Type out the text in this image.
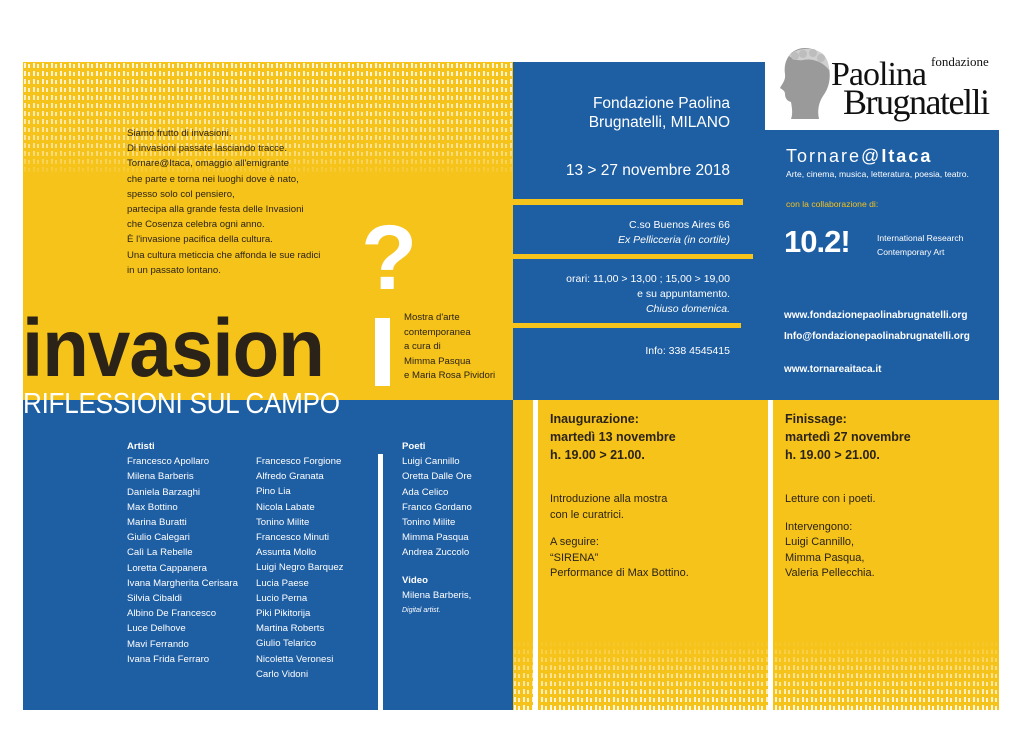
Siamo frutto di invasioni.
Di invasioni passate lasciando tracce.
Tornare@Itaca, omaggio all'emigrante
che parte e torna nei luoghi dove è nato,
spesso solo col pensiero,
partecipa alla grande festa delle Invasioni
che Cosenza celebra ogni anno.
È l'invasione pacifica della cultura.
Una cultura meticcia che affonda le sue radici
in un passato lontano.	?
invasion	Mostra d'arte
contemporanea
a cura di
Mimma Pasqua
e Maria Rosa Pividori
RIFLESSIONI SUL CAMPO
Artisti
Francesco Apollaro
Milena Barberis
Daniela Barzaghi
Max Bottino
Marina Buratti
Giulio Calegari
Calì La Rebelle
Loretta Cappanera
Ivana Margherita Cerisara
Silvia Cibaldi
Albino De Francesco
Luce Delhove
Mavi Ferrando
Ivana Frida Ferraro
Francesco Forgione
Alfredo Granata
Pino Lia
Nicola Labate
Tonino Milite
Francesco Minuti
Assunta Mollo
Luigi Negro Barquez
Lucia Paese
Lucio Perna
Piki Pikitorija
Martina Roberts
Giulio Telarico
Nicoletta Veronesi
Carlo Vidoni
Poeti
Luigi Cannillo
Oretta Dalle Ore
Ada Celico
Franco Gordano
Tonino Milite
Mimma Pasqua
Andrea Zuccolo
Video
Milena Barberis,
Digital artist.
Fondazione Paolina
Brugnatelli, MILANO
13 > 27 novembre 2018
C.so Buenos Aires 66
Ex Pellicceria (in cortile)
orari: 11,00 > 13,00 ; 15,00 > 19,00
e su appuntamento.
Chiuso domenica.
Info: 338 4545415
fondazione
Paolina
Brugnatelli
Tornare@Itaca
Arte, cinema, musica, letteratura, poesia, teatro.
con la collaborazione di:
10.2!	International Research
Contemporary Art
www.fondazionepaolinabrugnatelli.org
Info@fondazionepaolinabrugnatelli.org
www.tornareaitaca.it
Inaugurazione:
martedì 13 novembre
h. 19.00 > 21.00.
Introduzione alla mostra
con le curatrici.
A seguire:
“SIRENA”
Performance di Max Bottino.
Finissage:
martedì 27 novembre
h. 19.00 > 21.00.
Letture con i poeti.
Intervengono:
Luigi Cannillo,
Mimma Pasqua,
Valeria Pellecchia.
